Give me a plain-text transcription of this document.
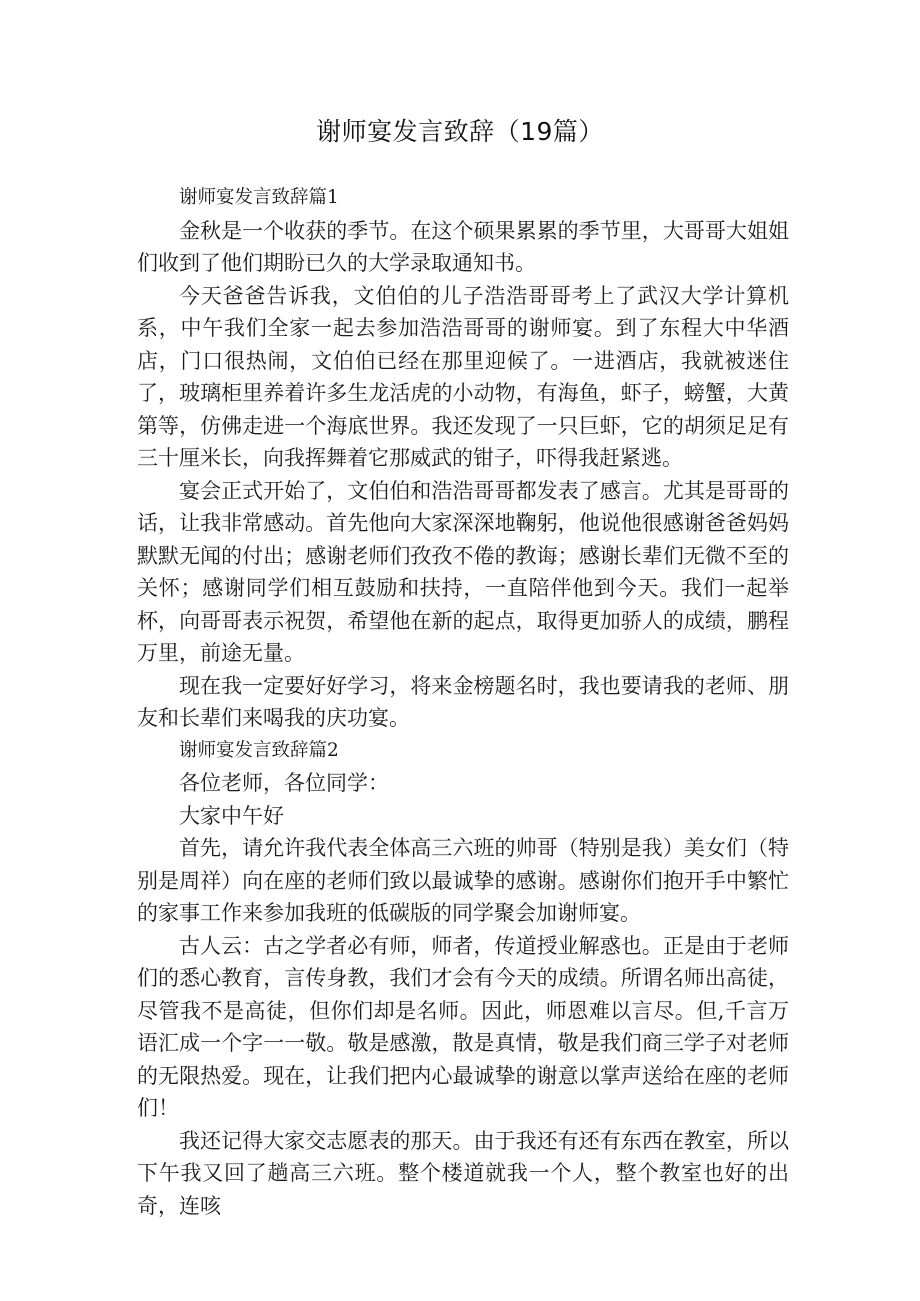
谢师宴发言致辞（19篇）

谢师宴发言致辞篇1

金秋是一个收获的季节。在这个硕果累累的季节里，大哥哥大姐姐们收到了他们期盼已久的大学录取通知书。

今天爸爸告诉我，文伯伯的儿子浩浩哥哥考上了武汉大学计算机系，中午我们全家一起去参加浩浩哥哥的谢师宴。到了东程大中华酒店，门口很热闹，文伯伯已经在那里迎候了。一进酒店，我就被迷住了，玻璃柜里养着许多生龙活虎的小动物，有海鱼，虾子，螃蟹，大黄第等，仿佛走进一个海底世界。我还发现了一只巨虾，它的胡须足足有三十厘米长，向我挥舞着它那威武的钳子，吓得我赶紧逃。

宴会正式开始了，文伯伯和浩浩哥哥都发表了感言。尤其是哥哥的话，让我非常感动。首先他向大家深深地鞠躬，他说他很感谢爸爸妈妈默默无闻的付出；感谢老师们孜孜不倦的教诲；感谢长辈们无微不至的关怀；感谢同学们相互鼓励和扶持，一直陪伴他到今天。我们一起举杯，向哥哥表示祝贺，希望他在新的起点，取得更加骄人的成绩，鹏程万里，前途无量。

现在我一定要好好学习，将来金榜题名时，我也要请我的老师、朋友和长辈们来喝我的庆功宴。

谢师宴发言致辞篇2

各位老师，各位同学：

大家中午好

首先，请允许我代表全体高三六班的帅哥（特别是我）美女们（特别是周祥）向在座的老师们致以最诚挚的感谢。感谢你们抱开手中繁忙的家事工作来参加我班的低碳版的同学聚会加谢师宴。

古人云：古之学者必有师，师者，传道授业解惑也。正是由于老师们的悉心教育，言传身教，我们才会有今天的成绩。所谓名师出高徒，尽管我不是高徒，但你们却是名师。因此，师恩难以言尽。但,千言万语汇成一个字一一敬。敬是感激，散是真情，敬是我们商三学子对老师的无限热爱。现在，让我们把内心最诚挚的谢意以掌声送给在座的老师们！

我还记得大家交志愿表的那天。由于我还有还有东西在教室，所以下午我又回了趟高三六班。整个楼道就我一个人，整个教室也好的出奇，连咳
